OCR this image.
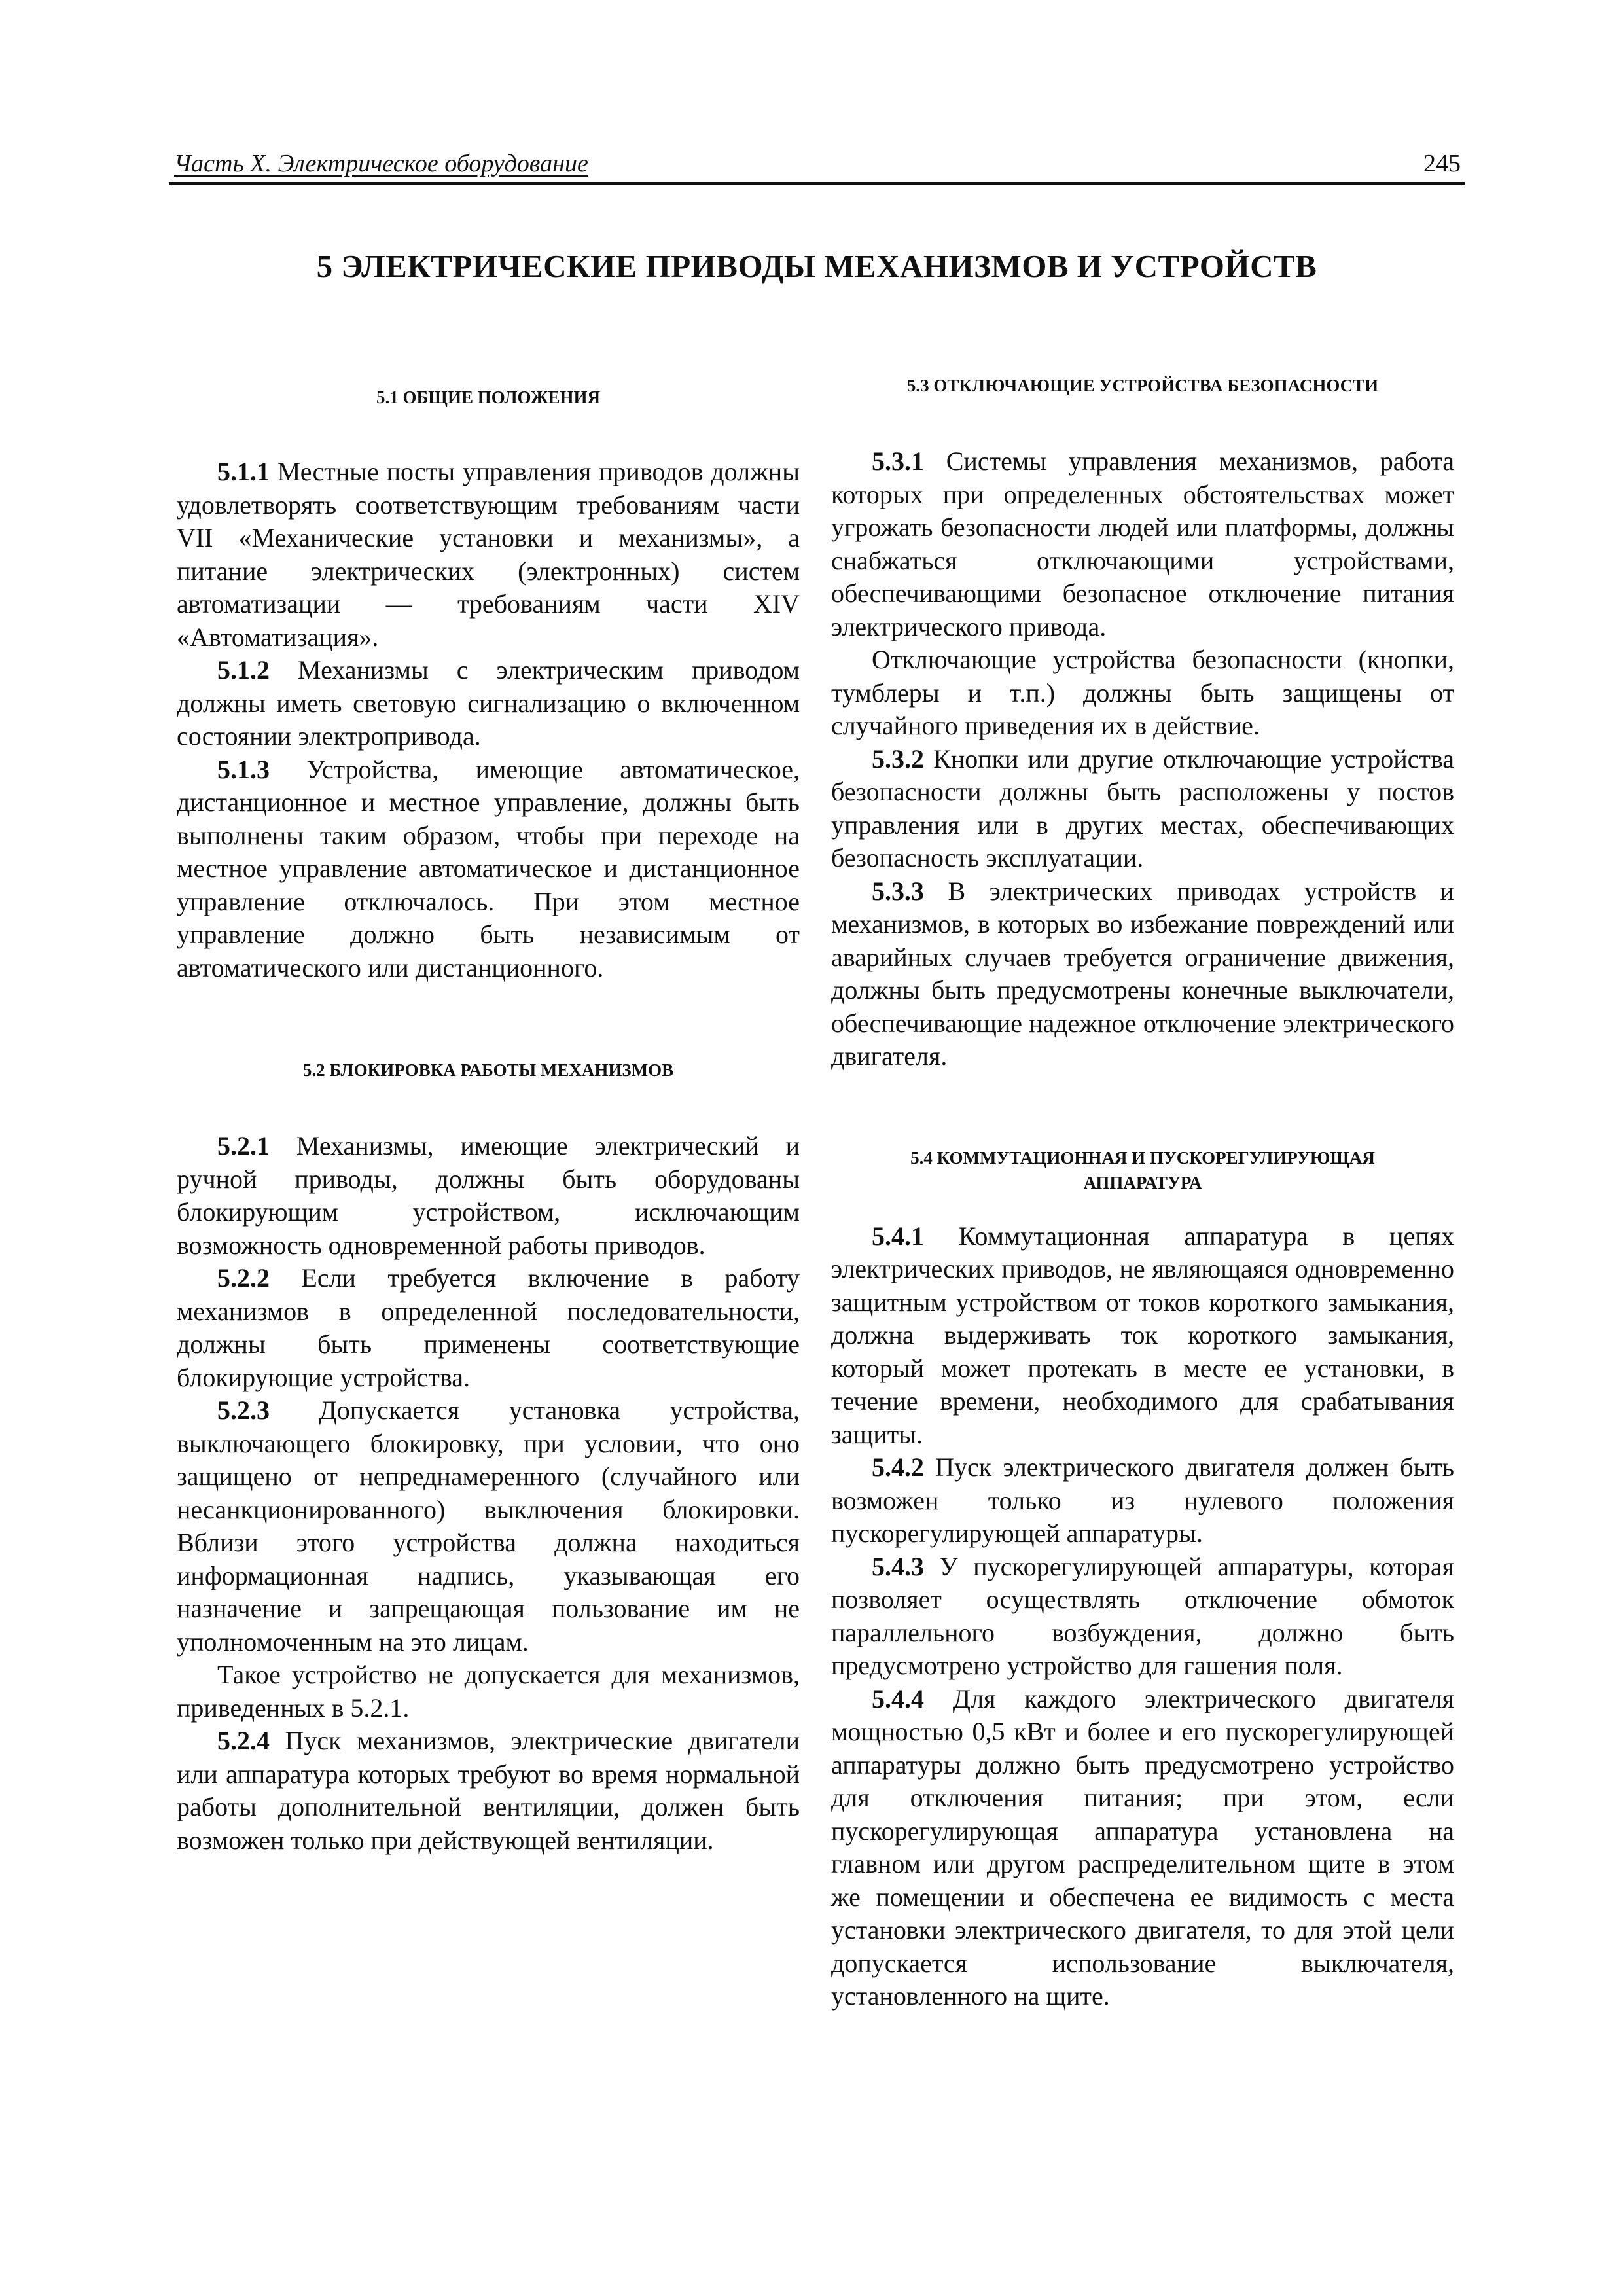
Часть X. Электрическое оборудование	245
5 ЭЛЕКТРИЧЕСКИЕ ПРИВОДЫ МЕХАНИЗМОВ И УСТРОЙСТВ
5.1 ОБЩИЕ ПОЛОЖЕНИЯ

5.1.1 Местные посты управления приводов должны удовлетворять соответствующим требованиям части VII «Механические установки и механизмы», а питание электрических (электронных) систем автоматизации — требованиям части XIV «Автоматизация».

5.1.2 Механизмы с электрическим приводом должны иметь световую сигнализацию о включенном состоянии электропривода.

5.1.3 Устройства, имеющие автоматическое, дистанционное и местное управление, должны быть выполнены таким образом, чтобы при переходе на местное управление автоматическое и дистанционное управление отключалось. При этом местное управление должно быть независимым от автоматического или дистанционного.

5.2 БЛОКИРОВКА РАБОТЫ МЕХАНИЗМОВ

5.2.1 Механизмы, имеющие электрический и ручной приводы, должны быть оборудованы блокирующим устройством, исключающим возможность одновременной работы приводов.

5.2.2 Если требуется включение в работу механизмов в определенной последовательности, должны быть применены соответствующие блокирующие устройства.

5.2.3 Допускается установка устройства, выключающего блокировку, при условии, что оно защищено от непреднамеренного (случайного или несанкционированного) выключения блокировки. Вблизи этого устройства должна находиться информационная надпись, указывающая его назначение и запрещающая пользование им не уполномоченным на это лицам.

Такое устройство не допускается для механизмов, приведенных в 5.2.1.

5.2.4 Пуск механизмов, электрические двигатели или аппаратура которых требуют во время нормальной работы дополнительной вентиляции, должен быть возможен только при действующей вентиляции.

5.3 ОТКЛЮЧАЮЩИЕ УСТРОЙСТВА БЕЗОПАСНОСТИ

5.3.1 Системы управления механизмов, работа которых при определенных обстоятельствах может угрожать безопасности людей или платформы, должны снабжаться отключающими устройствами, обеспечивающими безопасное отключение питания электрического привода.

Отключающие устройства безопасности (кнопки, тумблеры и т.п.) должны быть защищены от случайного приведения их в действие.

5.3.2 Кнопки или другие отключающие устройства безопасности должны быть расположены у постов управления или в других местах, обеспечивающих безопасность эксплуатации.

5.3.3 В электрических приводах устройств и механизмов, в которых во избежание повреждений или аварийных случаев требуется ограничение движения, должны быть предусмотрены конечные выключатели, обеспечивающие надежное отключение электрического двигателя.

5.4 КОММУТАЦИОННАЯ И ПУСКОРЕГУЛИРУЮЩАЯ
АППАРАТУРА

5.4.1 Коммутационная аппаратура в цепях электрических приводов, не являющаяся одновременно защитным устройством от токов короткого замыкания, должна выдерживать ток короткого замыкания, который может протекать в месте ее установки, в течение времени, необходимого для срабатывания защиты.

5.4.2 Пуск электрического двигателя должен быть возможен только из нулевого положения пускорегулирующей аппаратуры.

5.4.3 У пускорегулирующей аппаратуры, которая позволяет осуществлять отключение обмоток параллельного возбуждения, должно быть предусмотрено устройство для гашения поля.

5.4.4 Для каждого электрического двигателя мощностью 0,5 кВт и более и его пускорегулирующей аппаратуры должно быть предусмотрено устройство для отключения питания; при этом, если пускорегулирующая аппаратура установлена на главном или другом распределительном щите в этом же помещении и обеспечена ее видимость с места установки электрического двигателя, то для этой цели допускается использование выключателя, установленного на щите.
